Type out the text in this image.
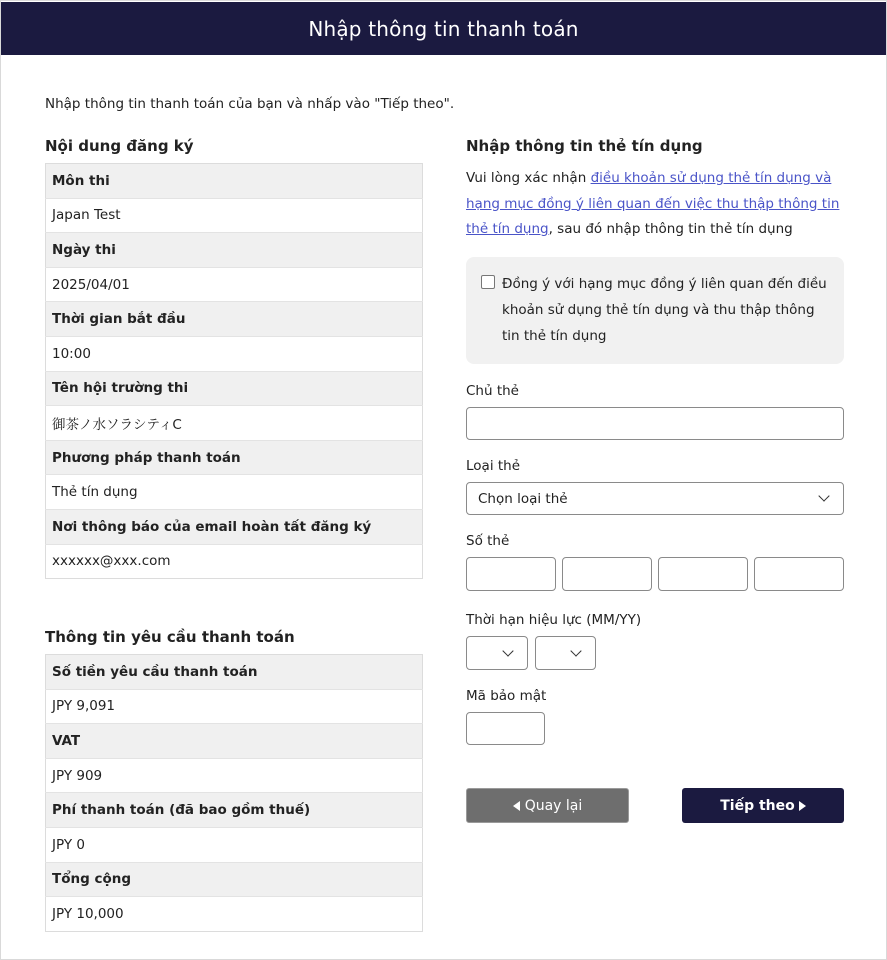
Nhập thông tin thanh toán
Nhập thông tin thanh toán của bạn và nhấp vào "Tiếp theo".
Nội dung đăng ký
Môn thi
Japan Test
Ngày thi
2025/04/01
Thời gian bắt đầu
10:00
Tên hội trường thi
御茶ノ水ソラシティC
Phương pháp thanh toán
Thẻ tín dụng
Nơi thông báo của email hoàn tất đăng ký
xxxxxx@xxx.com
Thông tin yêu cầu thanh toán
Số tiền yêu cầu thanh toán
JPY 9,091
VAT
JPY 909
Phí thanh toán (đã bao gồm thuế)
JPY 0
Tổng cộng
JPY 10,000
Nhập thông tin thẻ tín dụng
Vui lòng xác nhận điều khoản sử dụng thẻ tín dụng và hạng mục đồng ý liên quan đến việc thu thập thông tin thẻ tín dụng, sau đó nhập thông tin thẻ tín dụng
Đồng ý với hạng mục đồng ý liên quan đến điều khoản sử dụng thẻ tín dụng và thu thập thông tin thẻ tín dụng
Chủ thẻ
Loại thẻ
Chọn loại thẻ
Số thẻ
Thời hạn hiệu lực (MM/YY)
Mã bảo mật
Quay lại	Tiếp theo
